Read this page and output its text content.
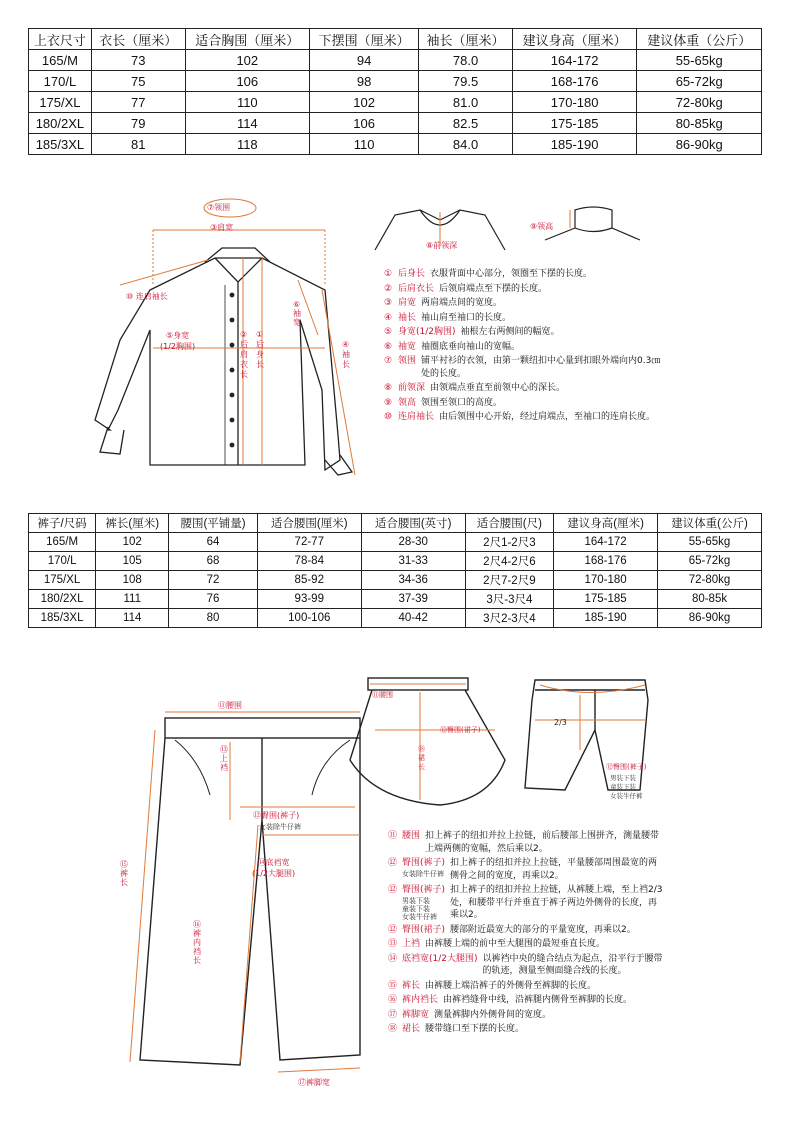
上衣尺寸	衣长（厘米）	适合胸围（厘米）	下摆围（厘米）	袖长（厘米）	建议身高（厘米）	建议体重（公斤）
165/M	73	102	94	78.0	164-172	55-65kg
170/L	75	106	98	79.5	168-176	65-72kg
175/XL	77	110	102	81.0	170-180	72-80kg
180/2XL	79	114	106	82.5	175-185	80-85kg
185/3XL	81	118	110	84.0	185-190	86-90kg
⑦领围
③肩宽
⑧前领深
⑨领高
⑩ 连肩袖长
⑤身宽
(1/2胸围)
②
后肩衣长
①
后身长
⑥袖宽
④
袖长
① 后身长 衣服背面中心部分，领圈至下摆的长度。
② 后肩衣长 后领肩端点至下摆的长度。
③ 肩宽 两肩端点间的宽度。
④ 袖长 袖山肩至袖口的长度。
⑤ 身宽(1/2胸围) 袖根左右两侧间的幅宽。
⑥ 袖宽 袖圈底垂向袖山的宽幅。
⑦ 领围 铺平衬衫的衣领，由第一颗纽扣中心量到扣眼外端向内0.3㎝处的长度。
⑧ 前领深 由领端点垂直至前领中心的深长。
⑨ 领高 领围至领口的高度。
⑩ 连肩袖长 由后领围中心开始，经过肩端点，至袖口的连肩长度。
裤子/尺码	裤长(厘米)	腰围(平铺量)	适合腰围(厘米)	适合腰围(英寸)	适合腰围(尺)	建议身高(厘米)	建议体重(公斤)
165/M	102	64	72-77	28-30	2尺1-2尺3	164-172	55-65kg
170/L	105	68	78-84	31-33	2尺4-2尺6	168-176	65-72kg
175/XL	108	72	85-92	34-36	2尺7-2尺9	170-180	72-80kg
180/2XL	111	76	93-99	37-39	3尺-3尺4	175-185	80-85k
185/3XL	114	80	100-106	40-42	3尺2-3尺4	185-190	86-90kg
⑪腰围
⑬
上裆
⑫臀围(裤子)
女装除牛仔裤
⑭底裆宽
(1/2大腿围)
⑮
裤长
⑯
裤内裆长
⑰裤脚宽
⑪腰围
⑫臀围(裙子)
⑱
裙长
2/3
⑫臀围(裤子)
男装下装
童装下装
女装牛仔裤
⑪ 腰围 扣上裤子的纽扣并拉上拉链，前后腰部上围拼齐，测量腰带上端两侧的宽幅，然后乘以2。
⑫ 臀围(裤子)
女装除牛仔裤
扣上裤子的纽扣并拉上拉链，平量腰部周围最宽的两侧骨之间的宽度，再乘以2。
⑫ 臀围(裤子)
男装下装
童装下装
女装牛仔裤
扣上裤子的纽扣并拉上拉链，从裤腰上端，至上裆2/3处，和腰带平行并垂直于裤子两边外侧骨的长度，再乘以2。
⑫ 臀围(裙子) 腰部附近最宽大的部分的平量宽度，再乘以2。
⑬ 上裆 由裤腰上端的前中至大腿围的最短垂直长度。
⑭ 底裆宽(1/2大腿围) 以裤裆中央的缝合结点为起点，沿平行于腰带的轨迹，测量至侧面缝合线的长度。
⑮ 裤长 由裤腰上端沿裤子的外侧骨至裤脚的长度。
⑯ 裤内裆长 由裤裆缝骨中线，沿裤腿内侧骨至裤脚的长度。
⑰ 裤脚宽 测量裤脚内外侧骨间的宽度。
⑱ 裙长 腰带缝口至下摆的长度。
